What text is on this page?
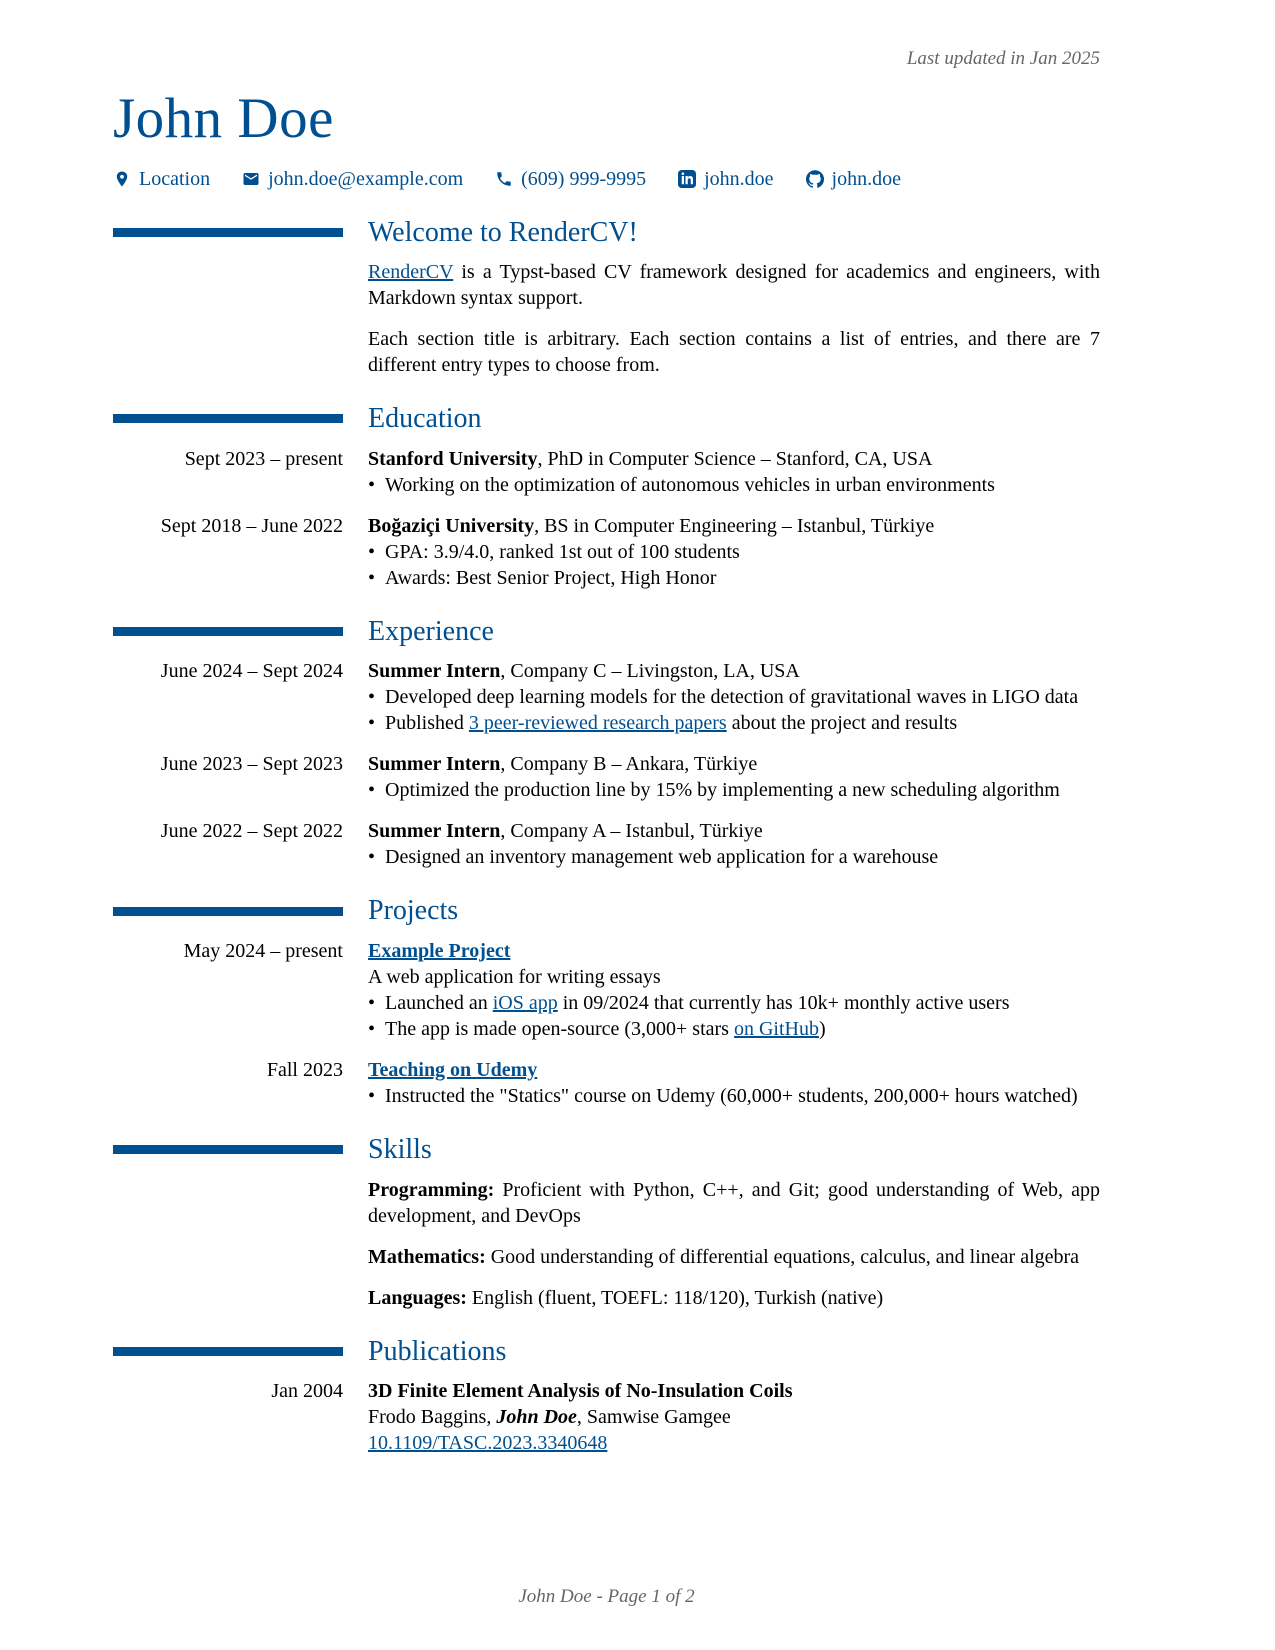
Last updated in Jan 2025
John Doe
Location	john.doe@example.com	(609) 999-9995	john.doe	john.doe
Welcome to RenderCV!
RenderCV is a Typst-based CV framework designed for academics and engineers, with Markdown syntax support.
Each section title is arbitrary. Each section contains a list of entries, and there are 7 different entry types to choose from.
Education
Sept 2023 – present Stanford University, PhD in Computer Science – Stanford, CA, USA
• Working on the optimization of autonomous vehicles in urban environments
Sept 2018 – June 2022 Boğaziçi University, BS in Computer Engineering – Istanbul, Türkiye
• GPA: 3.9/4.0, ranked 1st out of 100 students
• Awards: Best Senior Project, High Honor
Experience
June 2024 – Sept 2024 Summer Intern, Company C – Livingston, LA, USA
• Developed deep learning models for the detection of gravitational waves in LIGO data
• Published 3 peer-reviewed research papers about the project and results
June 2023 – Sept 2023 Summer Intern, Company B – Ankara, Türkiye
• Optimized the production line by 15% by implementing a new scheduling algorithm
June 2022 – Sept 2022 Summer Intern, Company A – Istanbul, Türkiye
• Designed an inventory management web application for a warehouse
Projects
May 2024 – present Example Project
A web application for writing essays
• Launched an iOS app in 09/2024 that currently has 10k+ monthly active users
• The app is made open-source (3,000+ stars on GitHub)
Fall 2023 Teaching on Udemy
• Instructed the "Statics" course on Udemy (60,000+ students, 200,000+ hours watched)
Skills
Programming: Proficient with Python, C++, and Git; good understanding of Web, app development, and DevOps
Mathematics: Good understanding of differential equations, calculus, and linear algebra
Languages: English (fluent, TOEFL: 118/120), Turkish (native)
Publications
Jan 2004 3D Finite Element Analysis of No-Insulation Coils
Frodo Baggins, John Doe, Samwise Gamgee
10.1109/TASC.2023.3340648
John Doe - Page 1 of 2
